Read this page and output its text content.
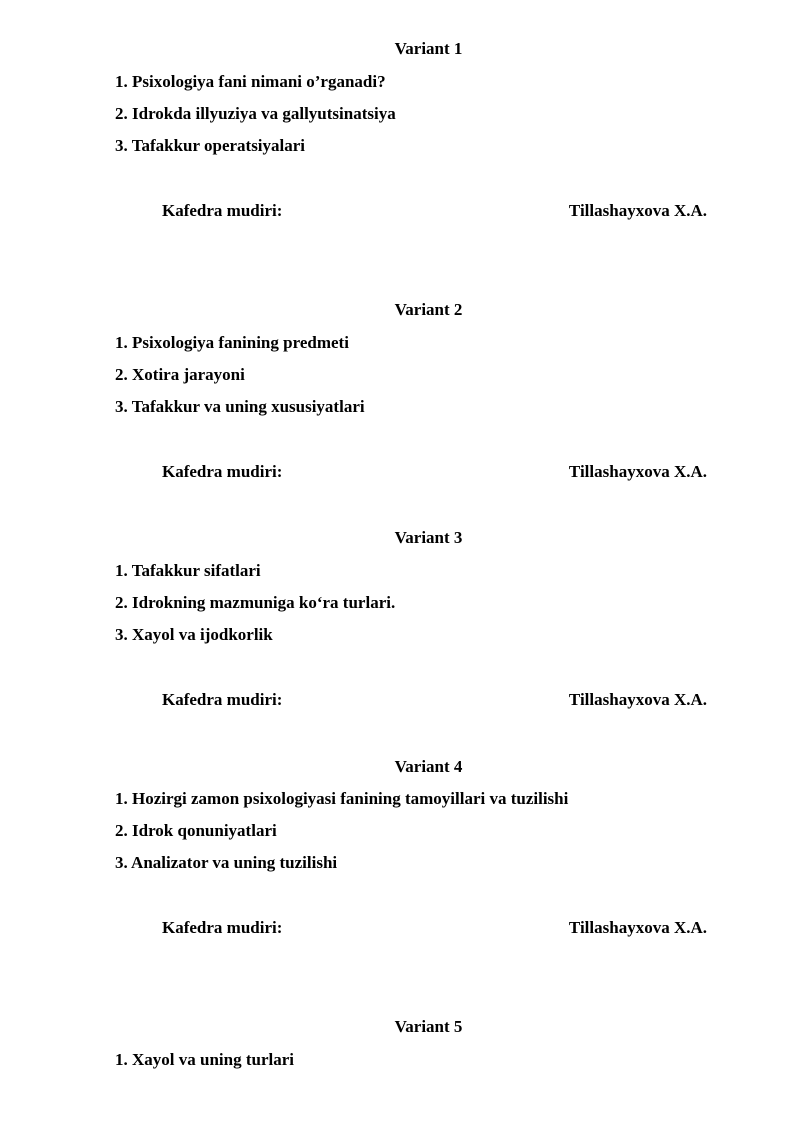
Variant 1
1. Psixologiya fani nimani o’rganadi?
2. Idrokda illyuziya va gallyutsinatsiya
3. Tafakkur operatsiyalari
Kafedra mudiri:	Tillashayxova X.A.
Variant 2
1. Psixologiya fanining predmeti
2. Xotira jarayoni
3. Tafakkur va uning xususiyatlari
Kafedra mudiri:	Tillashayxova X.A.
Variant 3
1. Tafakkur sifatlari
2. Idrokning mazmuniga ko‘ra turlari.
3. Xayol va ijodkorlik
Kafedra mudiri:	Tillashayxova X.A.
Variant 4
1. Hozirgi zamon psixologiyasi fanining tamoyillari va tuzilishi
2. Idrok qonuniyatlari
3. Analizator va uning tuzilishi
Kafedra mudiri:	Tillashayxova X.A.
Variant 5
1. Xayol va uning turlari
